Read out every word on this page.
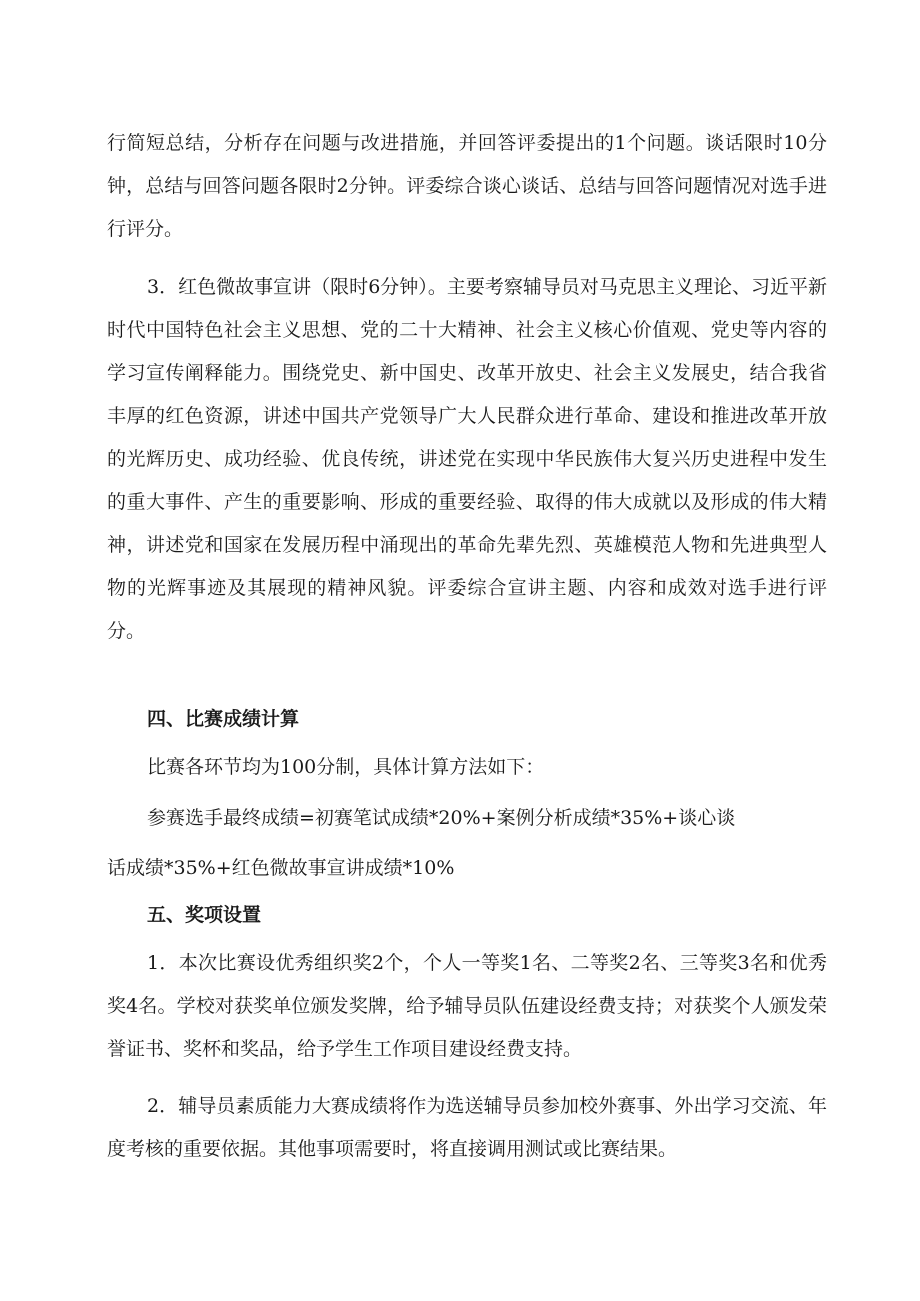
行简短总结，分析存在问题与改进措施，并回答评委提出的1个问题。谈话限时10分钟，总结与回答问题各限时2分钟。评委综合谈心谈话、总结与回答问题情况对选手进行评分。

3．红色微故事宣讲（限时6分钟）。主要考察辅导员对马克思主义理论、习近平新时代中国特色社会主义思想、党的二十大精神、社会主义核心价值观、党史等内容的学习宣传阐释能力。围绕党史、新中国史、改革开放史、社会主义发展史，结合我省丰厚的红色资源，讲述中国共产党领导广大人民群众进行革命、建设和推进改革开放的光辉历史、成功经验、优良传统，讲述党在实现中华民族伟大复兴历史进程中发生的重大事件、产生的重要影响、形成的重要经验、取得的伟大成就以及形成的伟大精神，讲述党和国家在发展历程中涌现出的革命先辈先烈、英雄模范人物和先进典型人物的光辉事迹及其展现的精神风貌。评委综合宣讲主题、内容和成效对选手进行评分。

四、比赛成绩计算

比赛各环节均为100分制，具体计算方法如下：

参赛选手最终成绩=初赛笔试成绩*20%+案例分析成绩*35%+谈心谈

话成绩*35%+红色微故事宣讲成绩*10%

五、奖项设置

1．本次比赛设优秀组织奖2个，个人一等奖1名、二等奖2名、三等奖3名和优秀奖4名。学校对获奖单位颁发奖牌，给予辅导员队伍建设经费支持；对获奖个人颁发荣誉证书、奖杯和奖品，给予学生工作项目建设经费支持。

2．辅导员素质能力大赛成绩将作为选送辅导员参加校外赛事、外出学习交流、年度考核的重要依据。其他事项需要时，将直接调用测试或比赛结果。
